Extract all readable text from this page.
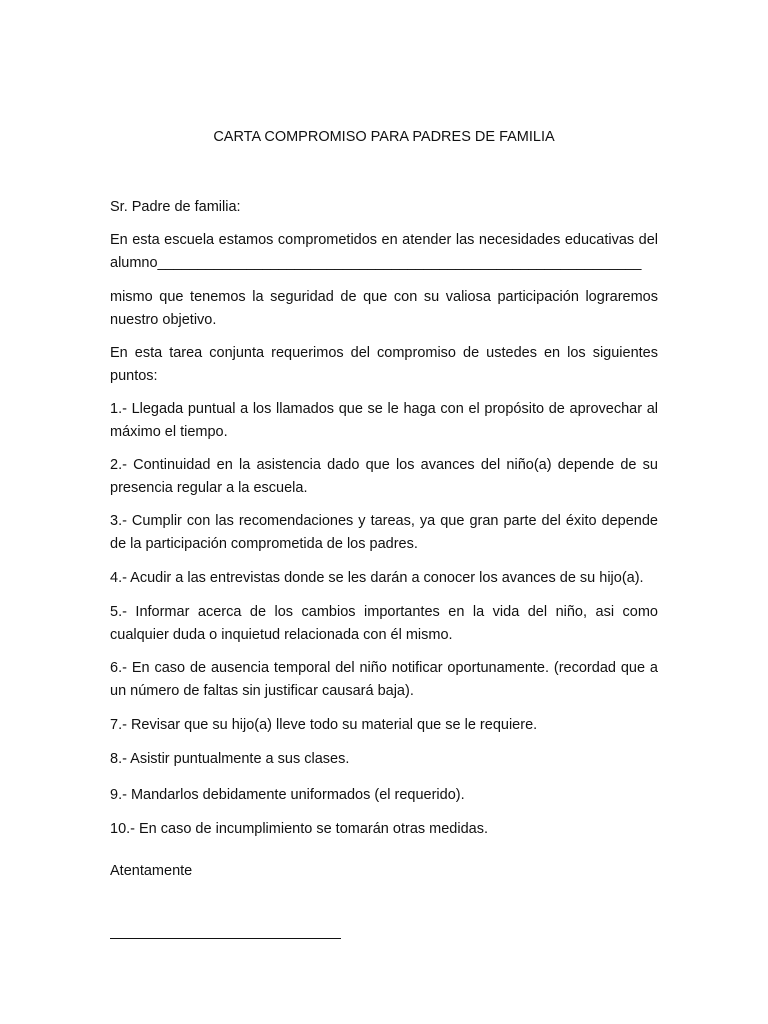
CARTA COMPROMISO PARA PADRES DE FAMILIA

Sr. Padre de familia:

En esta escuela estamos comprometidos en atender las necesidades educativas del alumno____________________________________________________________

mismo que tenemos la seguridad de que con su valiosa participación lograremos nuestro objetivo.

En esta tarea conjunta requerimos del compromiso de ustedes en los siguientes puntos:

1.- Llegada puntual a los llamados que se le haga con el propósito de aprovechar al máximo el tiempo.

2.- Continuidad en la asistencia dado que los avances del niño(a) depende de su presencia regular a la escuela.

3.- Cumplir con las recomendaciones y tareas, ya que gran parte del éxito depende de la participación comprometida de los padres.

4.- Acudir a las entrevistas donde se les darán a conocer los avances de su hijo(a).

5.- Informar acerca de los cambios importantes en la vida del niño, asi como cualquier duda o inquietud relacionada con él mismo.

6.- En caso de ausencia temporal del niño notificar oportunamente. (recordad que a un número de faltas sin justificar causará baja).

7.- Revisar que su hijo(a) lleve todo su material que se le requiere.

8.- Asistir puntualmente a sus clases.

9.- Mandarlos debidamente uniformados (el requerido).

10.- En caso de incumplimiento se tomarán otras medidas.

Atentamente
